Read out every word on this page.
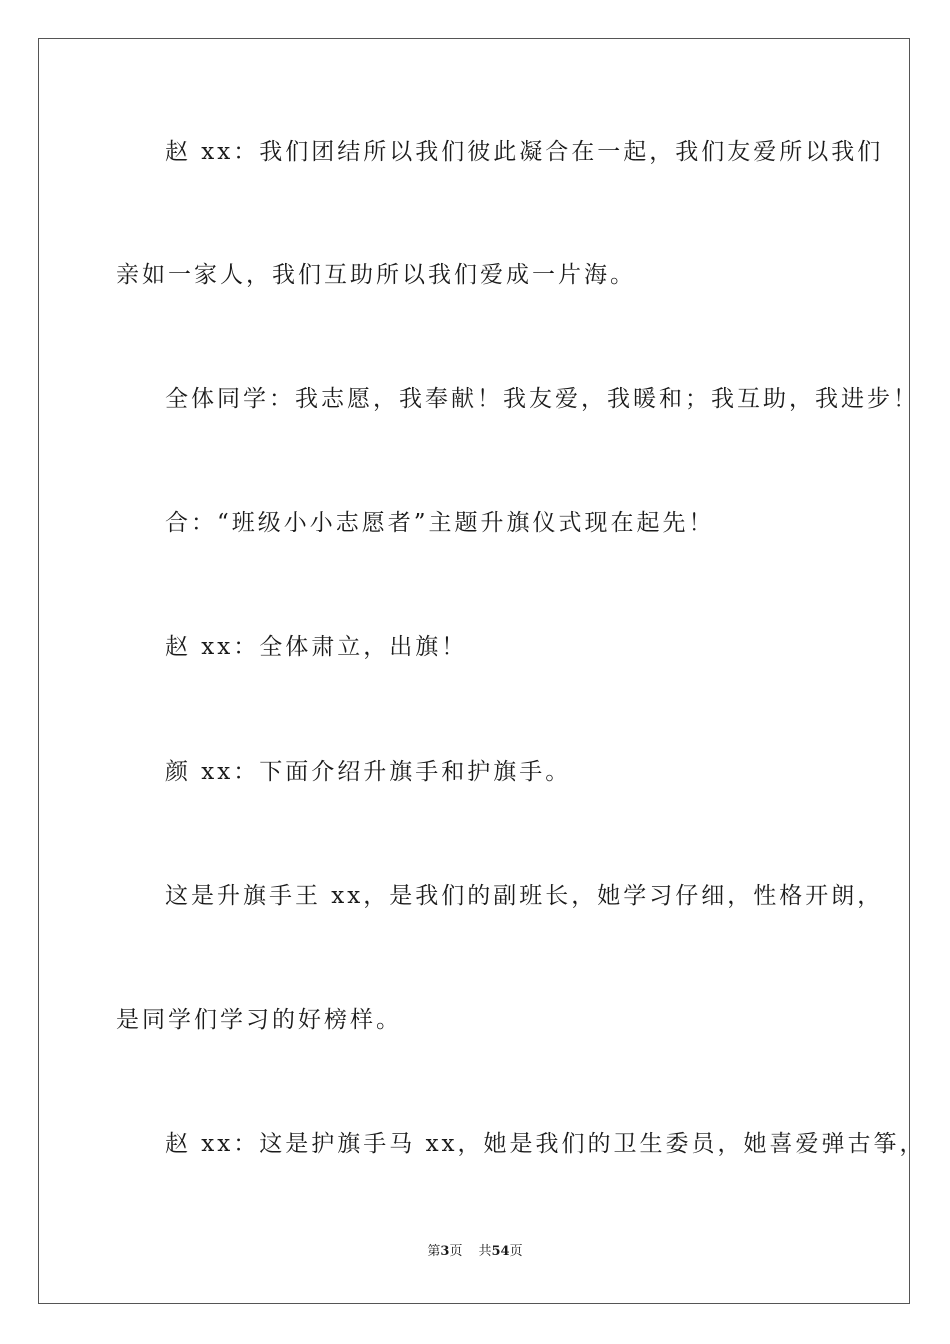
赵 xx：我们团结所以我们彼此凝合在一起，我们友爱所以我们
亲如一家人，我们互助所以我们爱成一片海。
全体同学：我志愿，我奉献！我友爱，我暖和；我互助，我进步！
合：“班级小小志愿者”主题升旗仪式现在起先！
赵 xx：全体肃立，出旗！
颜 xx：下面介绍升旗手和护旗手。
这是升旗手王 xx，是我们的副班长，她学习仔细，性格开朗，
是同学们学习的好榜样。
赵 xx：这是护旗手马 xx，她是我们的卫生委员，她喜爱弹古筝，
第3页 共54页
